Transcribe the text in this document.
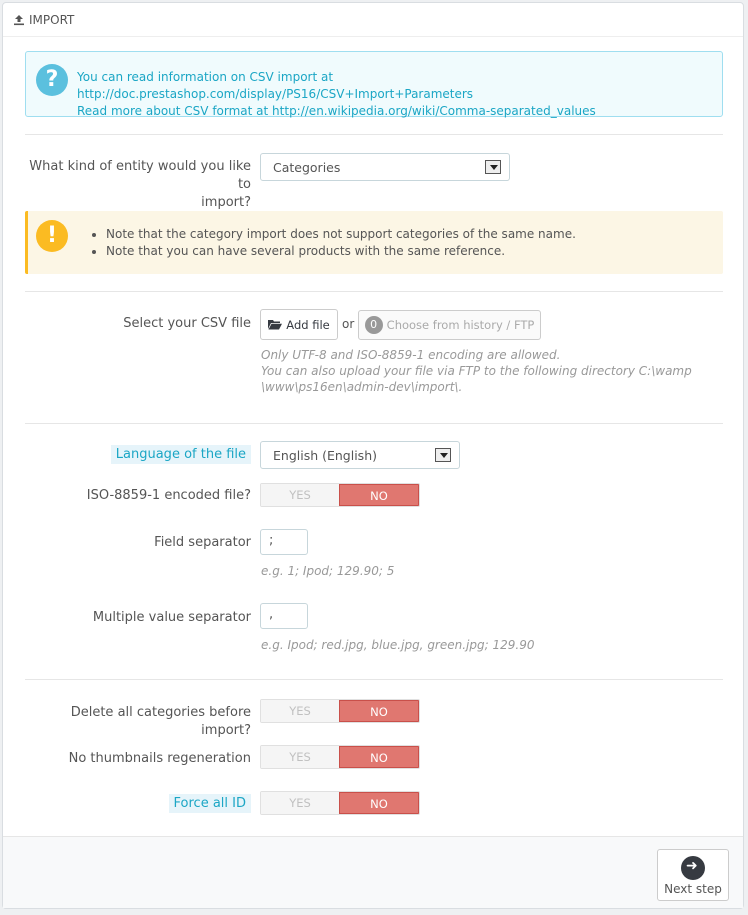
IMPORT
?	You can read information on CSV import at http://doc.prestashop.com/display/PS16/CSV+Import+Parameters
Read more about CSV format at http://en.wikipedia.org/wiki/Comma-separated_values
What kind of entity would you like to
import?
Categories
!
•	Note that the category import does not support categories of the same name.
• Note that you can have several products with the same reference.
Select your CSV file	Add file or	0 Choose from history / FTP
Only UTF-8 and ISO-8859-1 encoding are allowed.
You can also upload your file via FTP to the following directory C:\wamp
\www\ps16en\admin-dev\import\.
Language of the file	English (English)
ISO-8859-1 encoded file?	YES	NO
Field separator	;
e.g. 1; Ipod; 129.90; 5
Multiple value separator	,
e.g. Ipod; red.jpg, blue.jpg, green.jpg; 129.90
Delete all categories before import?
YES	NO
No thumbnails regeneration	YES	NO
Force all ID	YES	NO
➜
Next step
